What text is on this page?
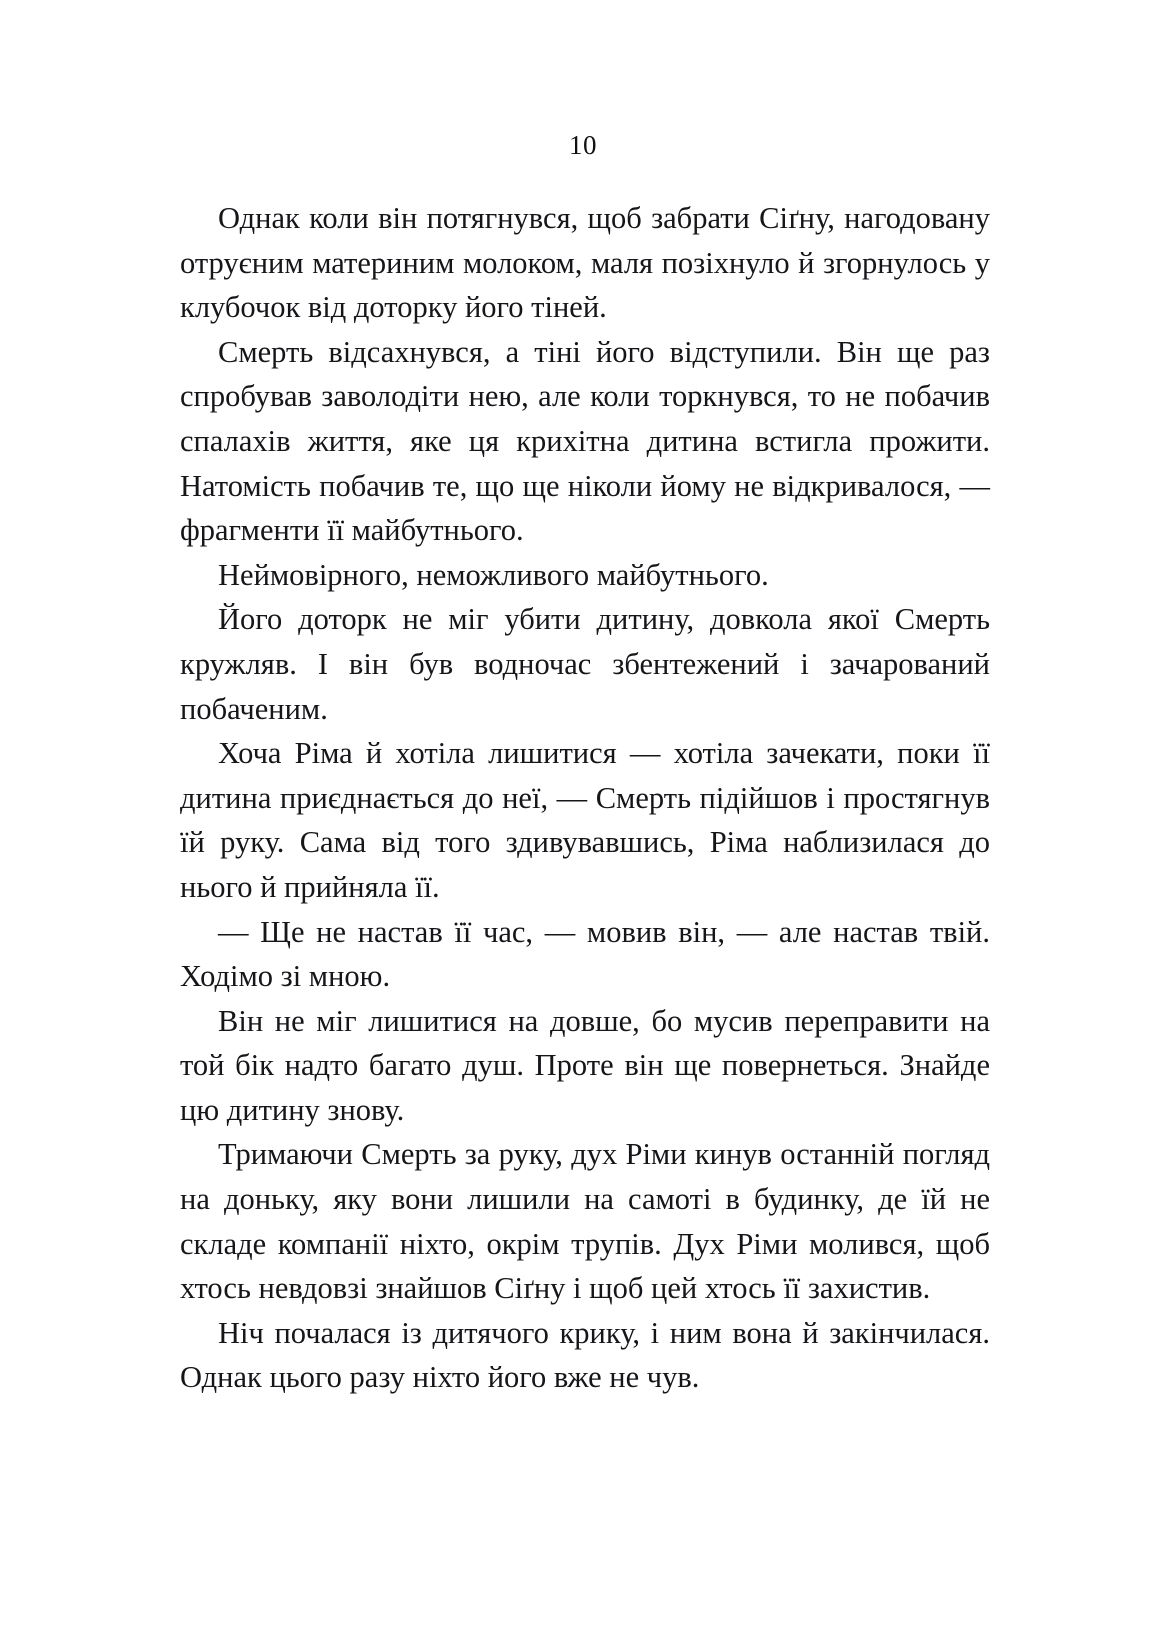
10

Однак коли він потягнувся, щоб забрати Сіґну, нагодовану отруєним материним молоком, маля позіхнуло й згорнулось у клубочок від доторку його тіней.

Смерть відсахнувся, а тіні його відступили. Він ще раз спробував заволодіти нею, але коли торкнувся, то не побачив спалахів життя, яке ця крихітна дитина встигла прожити. Натомість побачив те, що ще ніколи йому не відкривалося, — фрагменти її майбутнього.

Неймовірного, неможливого майбутнього.

Його доторк не міг убити дитину, довкола якої Смерть кружляв. І він був водночас збентежений і зачарований побаченим.

Хоча Ріма й хотіла лишитися — хотіла зачекати, поки її дитина приєднається до неї, — Смерть підійшов і простягнув їй руку. Сама від того здивувавшись, Ріма наблизилася до нього й прийняла її.

— Ще не настав її час, — мовив він, — але настав твій. Ходімо зі мною.

Він не міг лишитися на довше, бо мусив переправити на той бік надто багато душ. Проте він ще повернеться. Знайде цю дитину знову.

Тримаючи Смерть за руку, дух Ріми кинув останній погляд на доньку, яку вони лишили на самоті в будинку, де їй не складе компанії ніхто, окрім трупів. Дух Ріми молився, щоб хтось невдовзі знайшов Сіґну і щоб цей хтось її захистив.

Ніч почалася із дитячого крику, і ним вона й закінчилася. Однак цього разу ніхто його вже не чув.
